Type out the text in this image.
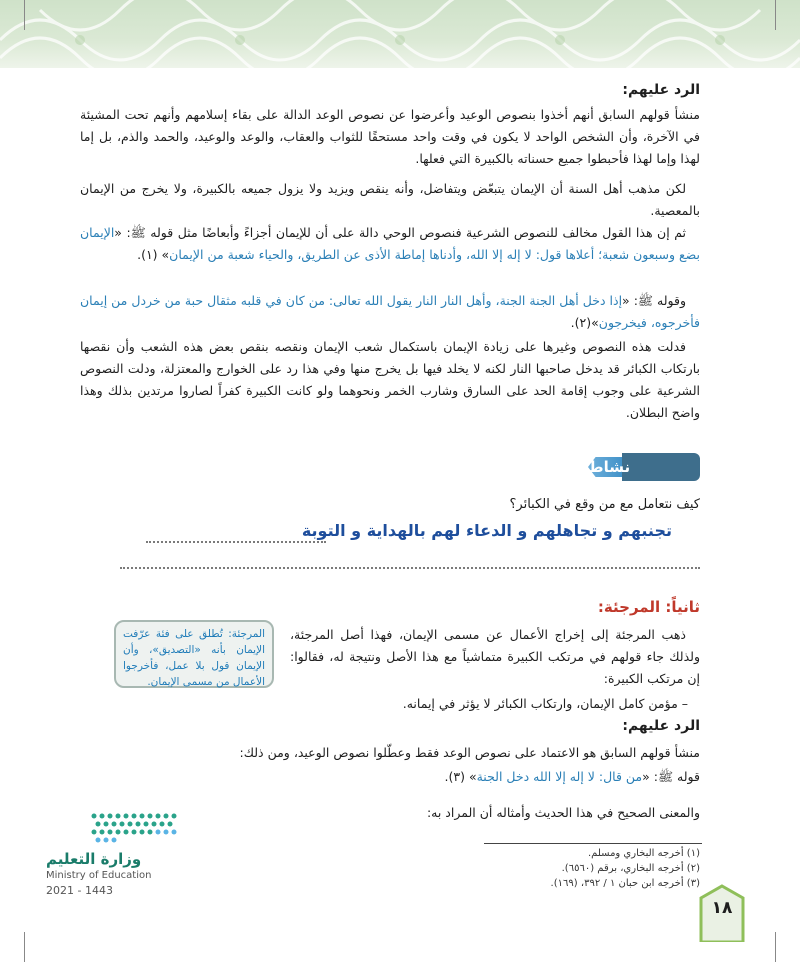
الرد عليهم:
منشأ قولهم السابق أنهم أخذوا بنصوص الوعيد وأعرضوا عن نصوص الوعد الدالة على بقاء إسلامهم وأنهم تحت المشيئة في الآخرة، وأن الشخص الواحد لا يكون في وقت واحد مستحقًا للثواب والعقاب، والوعد والوعيد، والحمد والذم، بل إما لهذا وإما لهذا فأحبطوا جميع حسناته بالكبيرة التي فعلها.
لكن مذهب أهل السنة أن الإيمان يتبعّض ويتفاضل، وأنه ينقص ويزيد ولا يزول جميعه بالكبيرة، ولا يخرج من الإيمان بالمعصية.
ثم إن هذا القول مخالف للنصوص الشرعية فنصوص الوحي دالة على أن للإيمان أجزاءً وأبعاضًا مثل قوله ﷺ: «الإيمان بضع وسبعون شعبة؛ أعلاها قول: لا إله إلا الله، وأدناها إماطة الأذى عن الطريق، والحياء شعبة من الإيمان» (١).
وقوله ﷺ: «إذا دخل أهل الجنة الجنة، وأهل النار النار يقول الله تعالى: من كان في قلبه مثقال حبة من خردل من إيمان فأخرجوه، فيخرجون»(٢).
فدلت هذه النصوص وغيرها على زيادة الإيمان باستكمال شعب الإيمان ونقصه بنقص بعض هذه الشعب وأن نقصها بارتكاب الكبائر قد يدخل صاحبها النار لكنه لا يخلد فيها بل يخرج منها وفي هذا رد على الخوارج والمعتزلة، ودلت النصوص الشرعية على وجوب إقامة الحد على السارق وشارب الخمر ونحوهما ولو كانت الكبيرة كفراً لصاروا مرتدين بذلك وهذا واضح البطلان.
نشاط
كيف نتعامل مع من وقع في الكبائر؟
تجنبهم و تجاهلهم و الدعاء لهم بالهداية و التوبة
ثانياً: المرجئة:
ذهب المرجئة إلى إخراج الأعمال عن مسمى الإيمان، فهذا أصل المرجئة، ولذلك جاء قولهم في مرتكب الكبيرة متماشياً مع هذا الأصل ونتيجة له، فقالوا: إن مرتكب الكبيرة:
المرجئة: تُطلق على فئة عرّفت الإيمان بأنه «التصديق»، وأن الإيمان قول بلا عمل، فأخرجوا الأعمال من مسمى الإيمان.
– مؤمن كامل الإيمان، وارتكاب الكبائر لا يؤثر في إيمانه.
الرد عليهم:
منشأ قولهم السابق هو الاعتماد على نصوص الوعد فقط وعطّلوا نصوص الوعيد، ومن ذلك:
قوله ﷺ: «من قال: لا إله إلا الله دخل الجنة» (٣).
والمعنى الصحيح في هذا الحديث وأمثاله أن المراد به:
(١) أخرجه البخاري ومسلم.
(٢) أخرجه البخاري، برقم (٦٥٦٠).
(٣) أخرجه ابن حبان ١ / ٣٩٢، (١٦٩).
وزارة التعليم
Ministry of Education
2021 - 1443
١٨
